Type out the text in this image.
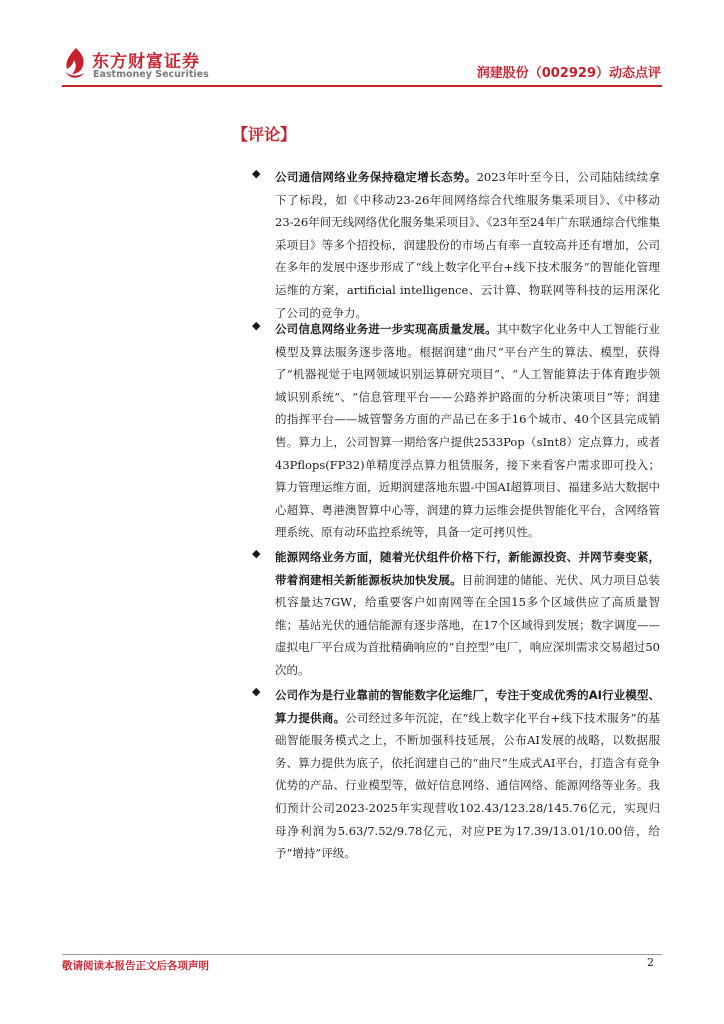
东方财富证券
Eastmoney Securities	润建股份（002929）动态点评
【评论】
◆ 公司通信网络业务保持稳定增长态势。2023年叶至今日，公司陆陆续续拿下了标段，如《中移动23-26年间网络综合代维服务集采项目》、《中移动23-26年间无线网络优化服务集采项目》、《23年至24年广东联通综合代维集采项目》等多个招投标，润建股份的市场占有率一直较高并还有增加，公司在多年的发展中逐步形成了“线上数字化平台+线下技术服务”的智能化管理运维的方案，artificial intelligence、云计算、物联网等科技的运用深化了公司的竞争力。
◆ 公司信息网络业务进一步实现高质量发展。其中数字化业务中人工智能行业模型及算法服务逐步落地。根据润建“曲尺”平台产生的算法、模型，获得了“机器视觉于电网领域识别运算研究项目”、“人工智能算法于体育跑步领域识别系统”、“信息管理平台——公路养护路面的分析决策项目”等；润建的指挥平台——城管警务方面的产品已在多于16个城市、40个区县完成销售。算力上，公司智算一期给客户提供2533Pop（sInt8）定点算力，或者43Pflops(FP32)单精度浮点算力租赁服务，接下来看客户需求即可投入；算力管理运维方面，近期润建落地东盟-中国AI超算项目、福建多站大数据中心超算、粤港澳智算中心等，润建的算力运维会提供智能化平台，含网络管理系统、原有动环监控系统等，具备一定可拷贝性。
◆ 能源网络业务方面，随着光伏组件价格下行，新能源投资、并网节奏变紧，带着润建相关新能源板块加快发展。目前润建的储能、光伏、风力项目总装机容量达7GW，给重要客户如南网等在全国15多个区域供应了高质量智维；基站光伏的通信能源有逐步落地，在17个区域得到发展；数字调度——虚拟电厂平台成为首批精确响应的“自控型”电厂，响应深圳需求交易超过50次的。
◆ 公司作为是行业靠前的智能数字化运维厂，专注于变成优秀的AI行业模型、算力提供商。公司经过多年沉淀，在“线上数字化平台+线下技术服务”的基础智能服务模式之上，不断加强科技延展，公布AI发展的战略，以数据服务、算力提供为底子，依托润建自己的“曲尺”生成式AI平台，打造含有竞争优势的产品、行业模型等，做好信息网络、通信网络、能源网络等业务。我们预计公司2023-2025年实现营收102.43/123.28/145.76亿元，实现归母净利润为5.63/7.52/9.78亿元，对应PE为17.39/13.01/10.00倍，给予“增持”评级。
敬请阅读本报告正文后各项声明	2
